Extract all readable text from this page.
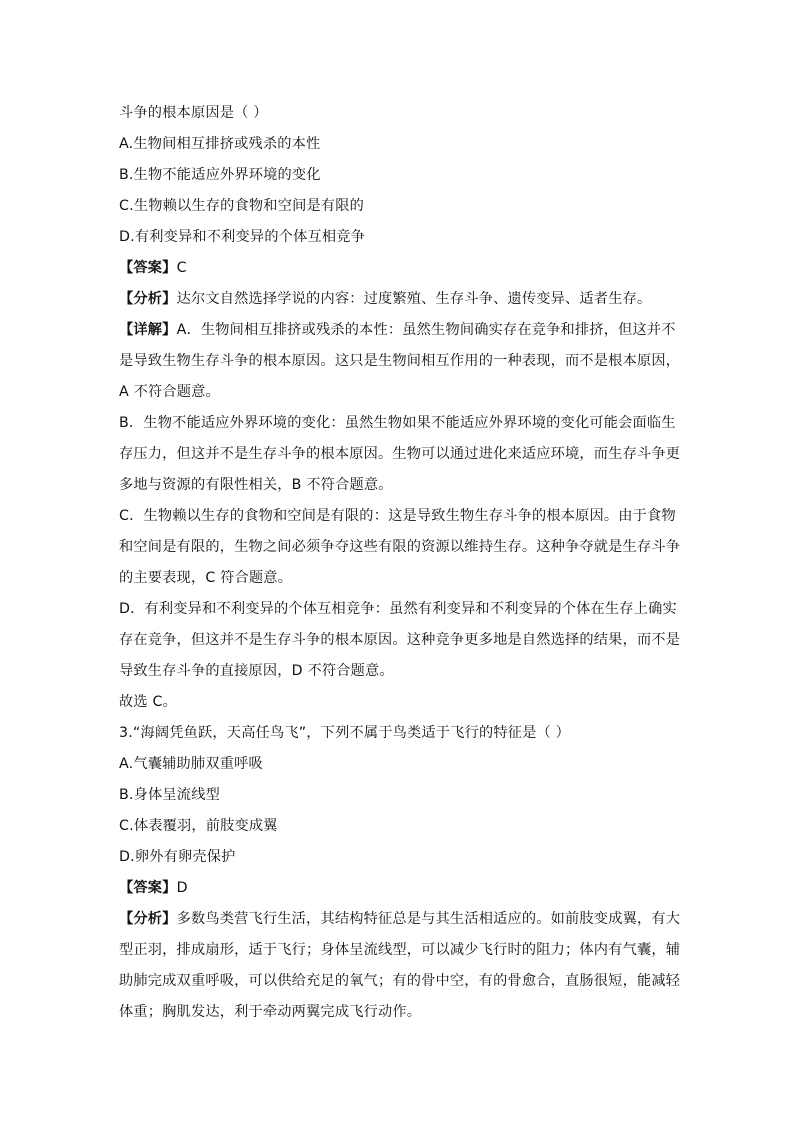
斗争的根本原因是（ ）
A.生物间相互排挤或残杀的本性
B.生物不能适应外界环境的变化
C.生物赖以生存的食物和空间是有限的
D.有利变异和不利变异的个体互相竞争
【答案】C
【分析】达尔文自然选择学说的内容：过度繁殖、生存斗争、遗传变异、适者生存。
【详解】A．生物间相互排挤或残杀的本性：虽然生物间确实存在竞争和排挤，但这并不
是导致生物生存斗争的根本原因。这只是生物间相互作用的一种表现，而不是根本原因，
A 不符合题意。
B．生物不能适应外界环境的变化：虽然生物如果不能适应外界环境的变化可能会面临生
存压力，但这并不是生存斗争的根本原因。生物可以通过进化来适应环境，而生存斗争更
多地与资源的有限性相关，B 不符合题意。
C．生物赖以生存的食物和空间是有限的：这是导致生物生存斗争的根本原因。由于食物
和空间是有限的，生物之间必须争夺这些有限的资源以维持生存。这种争夺就是生存斗争
的主要表现，C 符合题意。
D．有利变异和不利变异的个体互相竞争：虽然有利变异和不利变异的个体在生存上确实
存在竞争，但这并不是生存斗争的根本原因。这种竞争更多地是自然选择的结果，而不是
导致生存斗争的直接原因，D 不符合题意。
故选 C。
3.“海阔凭鱼跃，天高任鸟飞”，下列不属于鸟类适于飞行的特征是（ ）
A.气囊辅助肺双重呼吸
B.身体呈流线型
C.体表覆羽，前肢变成翼
D.卵外有卵壳保护
【答案】D
【分析】多数鸟类营飞行生活，其结构特征总是与其生活相适应的。如前肢变成翼，有大
型正羽，排成扇形，适于飞行；身体呈流线型，可以减少飞行时的阻力；体内有气囊，辅
助肺完成双重呼吸，可以供给充足的氧气；有的骨中空，有的骨愈合，直肠很短，能减轻
体重；胸肌发达，利于牵动两翼完成飞行动作。
